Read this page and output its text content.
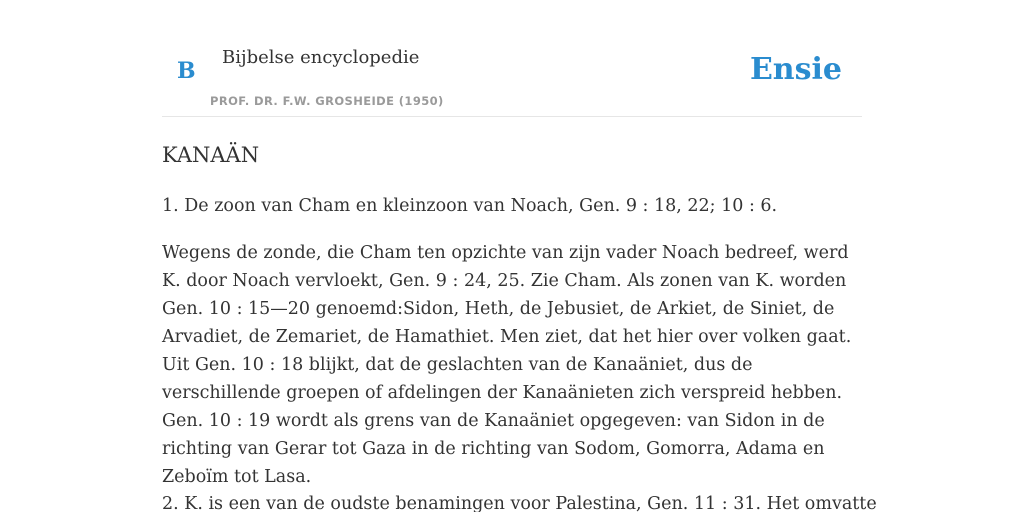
B
Bijbelse encyclopedie
PROF. DR. F.W. GROSHEIDE (1950)
Ensie
KANAÄN

1. De zoon van Cham en kleinzoon van Noach, Gen. 9 : 18, 22; 10 : 6.

Wegens de zonde, die Cham ten opzichte van zijn vader Noach bedreef, werd K. door Noach vervloekt, Gen. 9 : 24, 25. Zie Cham. Als zonen van K. worden Gen. 10 : 15—20 genoemd:Sidon, Heth, de Jebusiet, de Arkiet, de Siniet, de Arvadiet, de Zemariet, de Hamathiet. Men ziet, dat het hier over volken gaat. Uit Gen. 10 : 18 blijkt, dat de geslachten van de Kanaäniet, dus de verschillende groepen of afdelingen der Kanaänieten zich verspreid hebben. Gen. 10 : 19 wordt als grens van de Kanaäniet opgegeven: van Sidon in de richting van Gerar tot Gaza in de richting van Sodom, Gomorra, Adama en Zeboïm tot Lasa.

2. K. is een van de oudste benamingen voor Palestina, Gen. 11 : 31. Het omvatte
